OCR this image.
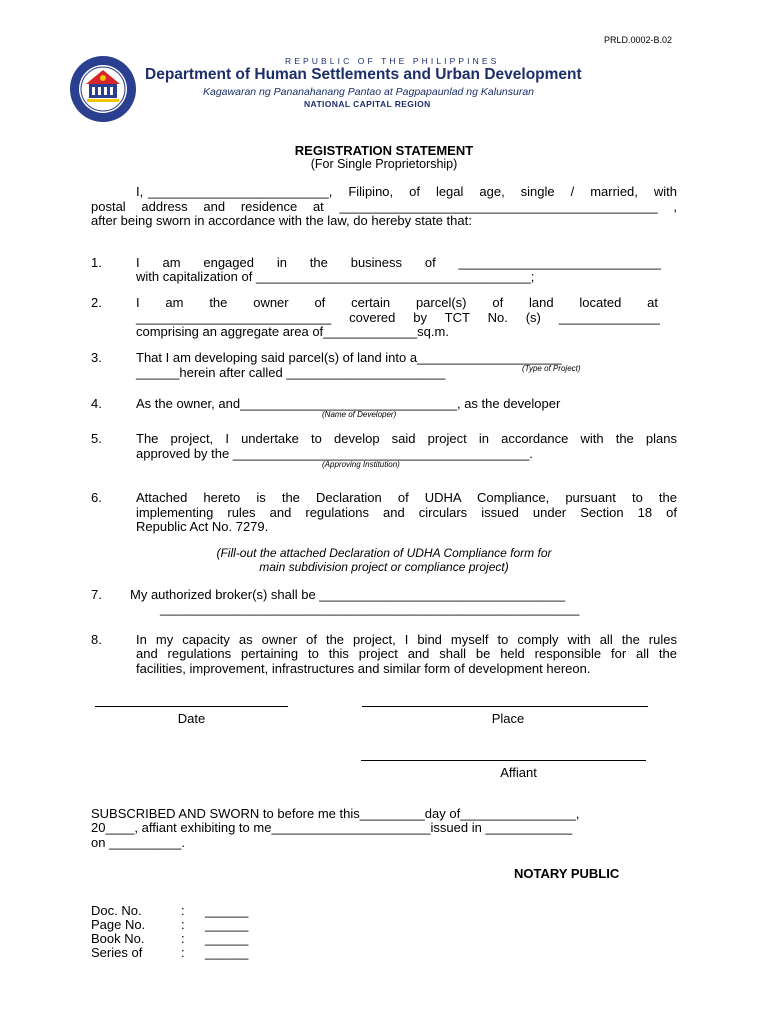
PRLD.0002-B.02
REPUBLIC OF THE PHILIPPINES
Department of Human Settlements and Urban Development
Kagawaran ng Pananahanang Pantao at Pagpapaunlad ng Kalunsuran
NATIONAL CAPITAL REGION
REGISTRATION STATEMENT
(For Single Proprietorship)
I, _________________________, Filipino, of legal age, single / married, with
postal address and residence at ____________________________________________ ,
after being sworn in accordance with the law, do hereby state that:
1.	I am engaged in the business of ____________________________
with capitalization of ______________________________________;
2.	I am the owner of certain parcel(s) of land located at
___________________________ covered by TCT No. (s) ______________
comprising an aggregate area of_____________sq.m.
3.	That I am developing said parcel(s) of land into a____________________
______herein after called ______________________	(Type of Project)
4.	As the owner, and______________________________, as the developer
(Name of Developer)
5.	The project, I undertake to develop said project in accordance with the plans
approved by the _________________________________________.
(Approving Institution)
6.	Attached hereto is the Declaration of UDHA Compliance, pursuant to the
implementing rules and regulations and circulars issued under Section 18 of
Republic Act No. 7279.
(Fill-out the attached Declaration of UDHA Compliance form for
main subdivision project or compliance project)
7. My authorized broker(s) shall be __________________________________
__________________________________________________________
8.	In my capacity as owner of the project, I bind myself to comply with all the rules
and regulations pertaining to this project and shall be held responsible for all the
facilities, improvement, infrastructures and similar form of development hereon.
Date	Place
Affiant
SUBSCRIBED AND SWORN to before me this_________day of________________,
20____, affiant exhibiting to me______________________issued in ____________
on __________.
NOTARY PUBLIC
Doc. No.	: ______
Page No.	: ______
Book No.	: ______
Series of	: ______
